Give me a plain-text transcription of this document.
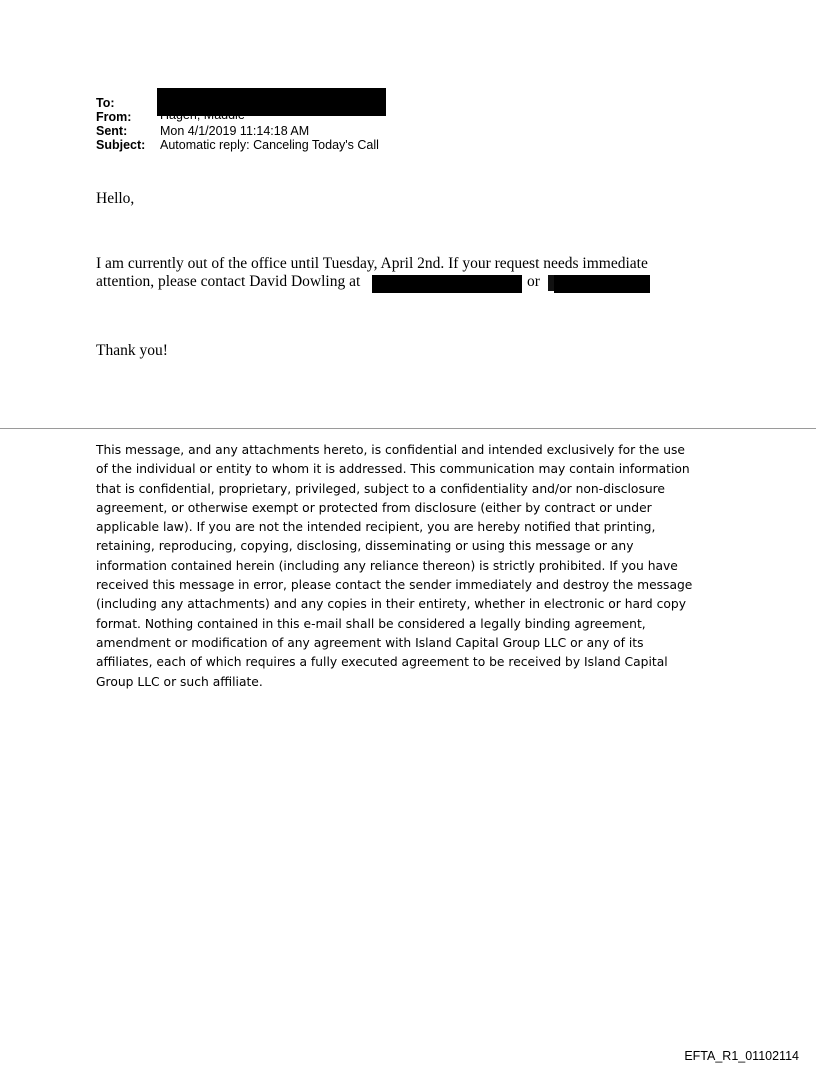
To:
From:	Hagen, Maddie
Sent:	Mon 4/1/2019 11:14:18 AM
Subject:	Automatic reply: Canceling Today's Call
Hello,
I am currently out of the office until Tuesday, April 2nd. If your request needs immediate
attention, please contact David Dowling at	or
Thank you!
This message, and any attachments hereto, is confidential and intended exclusively for the use
of the individual or entity to whom it is addressed. This communication may contain information
that is confidential, proprietary, privileged, subject to a confidentiality and/or non-disclosure
agreement, or otherwise exempt or protected from disclosure (either by contract or under
applicable law). If you are not the intended recipient, you are hereby notified that printing,
retaining, reproducing, copying, disclosing, disseminating or using this message or any
information contained herein (including any reliance thereon) is strictly prohibited. If you have
received this message in error, please contact the sender immediately and destroy the message
(including any attachments) and any copies in their entirety, whether in electronic or hard copy
format. Nothing contained in this e-mail shall be considered a legally binding agreement,
amendment or modification of any agreement with Island Capital Group LLC or any of its
affiliates, each of which requires a fully executed agreement to be received by Island Capital
Group LLC or such affiliate.
EFTA_R1_01102114
